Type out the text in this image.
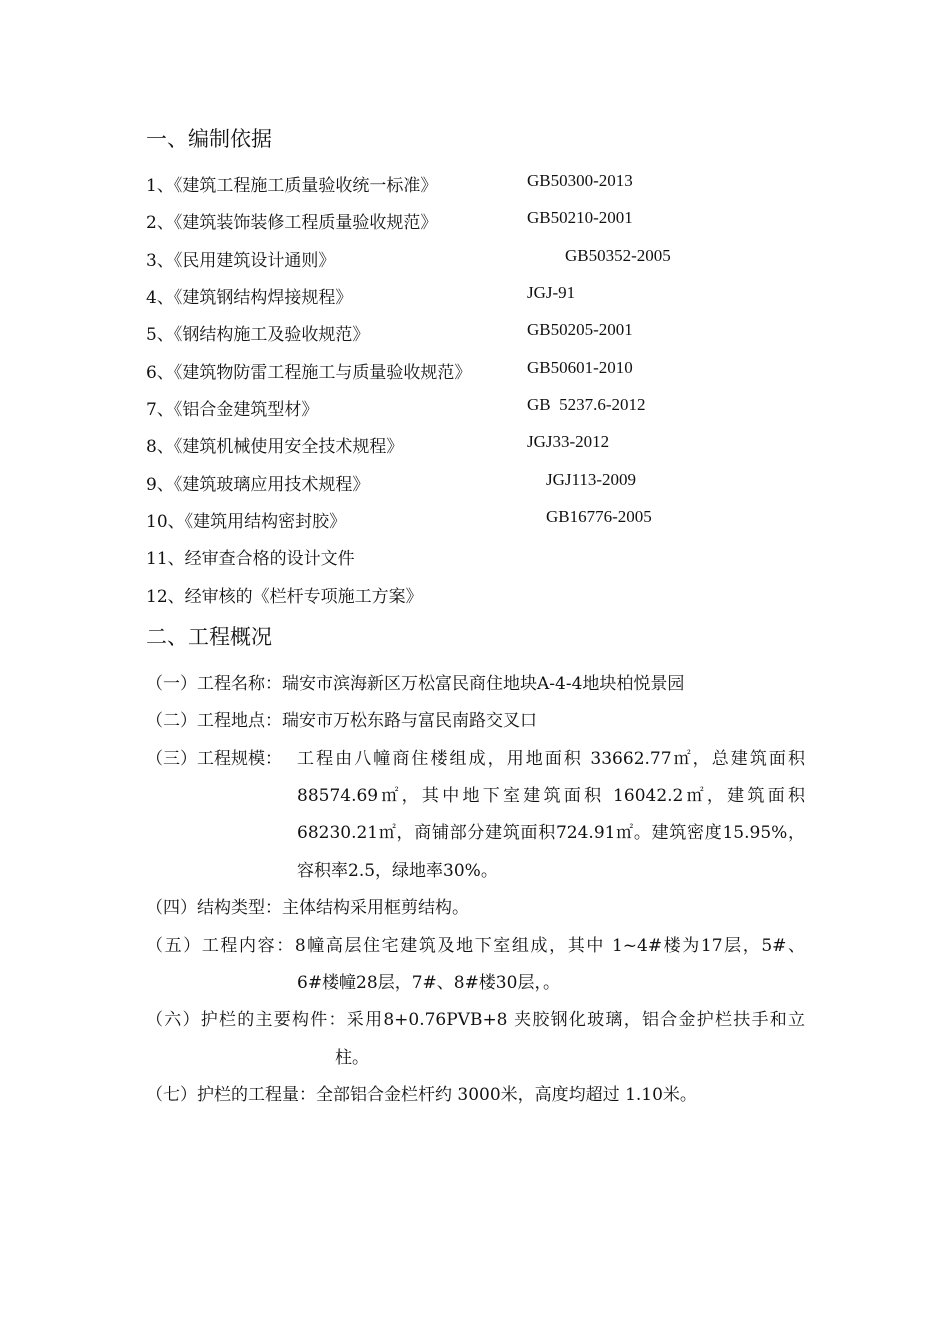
一、编制依据
1、《建筑工程施工质量验收统一标准》	GB50300-2013
2、《建筑装饰装修工程质量验收规范》	GB50210-2001
3、《民用建筑设计通则》	GB50352-2005
4、《建筑钢结构焊接规程》	JGJ-91
5、《钢结构施工及验收规范》	GB50205-2001
6、《建筑物防雷工程施工与质量验收规范》	GB50601-2010
7、《铝合金建筑型材》	GB  5237.6-2012
8、《建筑机械使用安全技术规程》	JGJ33-2012
9、《建筑玻璃应用技术规程》	JGJ113-2009
10、《建筑用结构密封胶》	GB16776-2005
11、经审查合格的设计文件
12、经审核的《栏杆专项施工方案》
二、工程概况
（一）工程名称：瑞安市滨海新区万松富民商住地块A-4-4地块柏悦景园
（二）工程地点：瑞安市万松东路与富民南路交叉口
（三）工程规模： 工程由八幢商住楼组成，用地面积 33662.77㎡，总建筑面积
88574.69㎡，其中地下室建筑面积 16042.2㎡，建筑面积
68230.21㎡，商铺部分建筑面积724.91㎡。建筑密度15.95%，
容积率2.5，绿地率30%。
（四）结构类型：主体结构采用框剪结构。
（五）工程内容：8幢高层住宅建筑及地下室组成，其中 1~4#楼为17层，5#、
6#楼幢28层，7#、8#楼30层，。
（六）护栏的主要构件：采用8+0.76PVB+8 夹胶钢化玻璃，铝合金护栏扶手和立
柱。
（七）护栏的工程量：全部铝合金栏杆约 3000米，高度均超过 1.10米。
